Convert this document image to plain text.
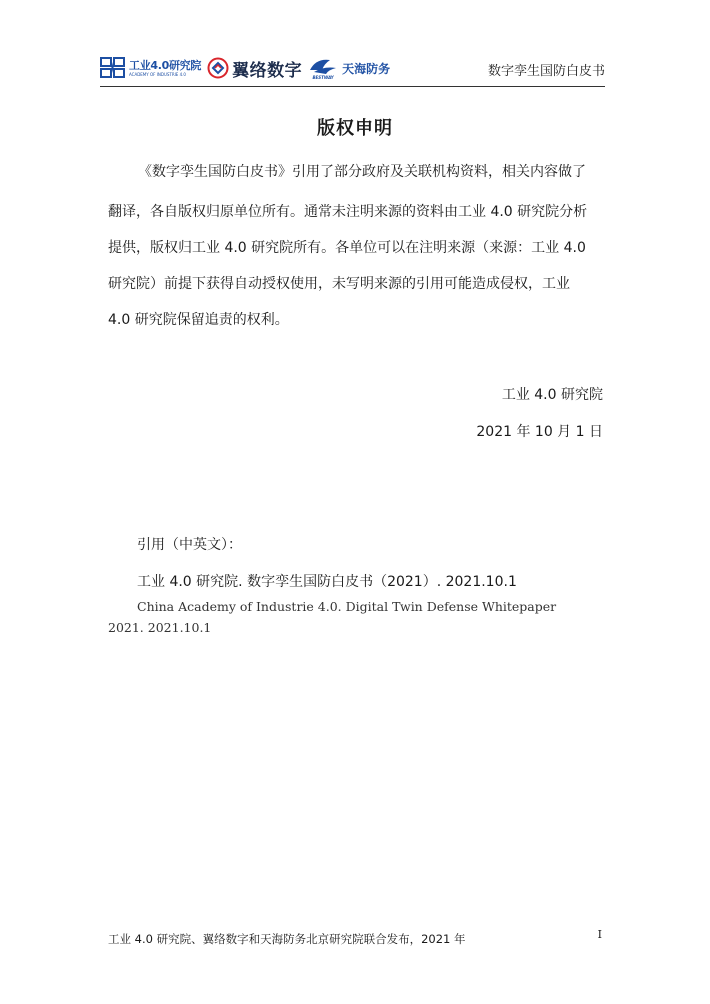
工业4.0研究院
ACADEMY OF INDUSTRIE 4.0	翼络数字	BESTWAY
天海防务	数字孪生国防白皮书
版权申明
《数字孪生国防白皮书》引用了部分政府及关联机构资料，相关内容做了
翻译，各自版权归原单位所有。通常未注明来源的资料由工业 4.0 研究院分析
提供，版权归工业 4.0 研究院所有。各单位可以在注明来源（来源：工业 4.0
研究院）前提下获得自动授权使用，未写明来源的引用可能造成侵权，工业
4.0 研究院保留追责的权利。
工业 4.0 研究院
2021 年 10 月 1 日
引用（中英文）：
工业 4.0 研究院. 数字孪生国防白皮书（2021）. 2021.10.1
China Academy of Industrie 4.0. Digital Twin Defense Whitepaper
2021. 2021.10.1
工业 4.0 研究院、翼络数字和天海防务北京研究院联合发布，2021 年	I
